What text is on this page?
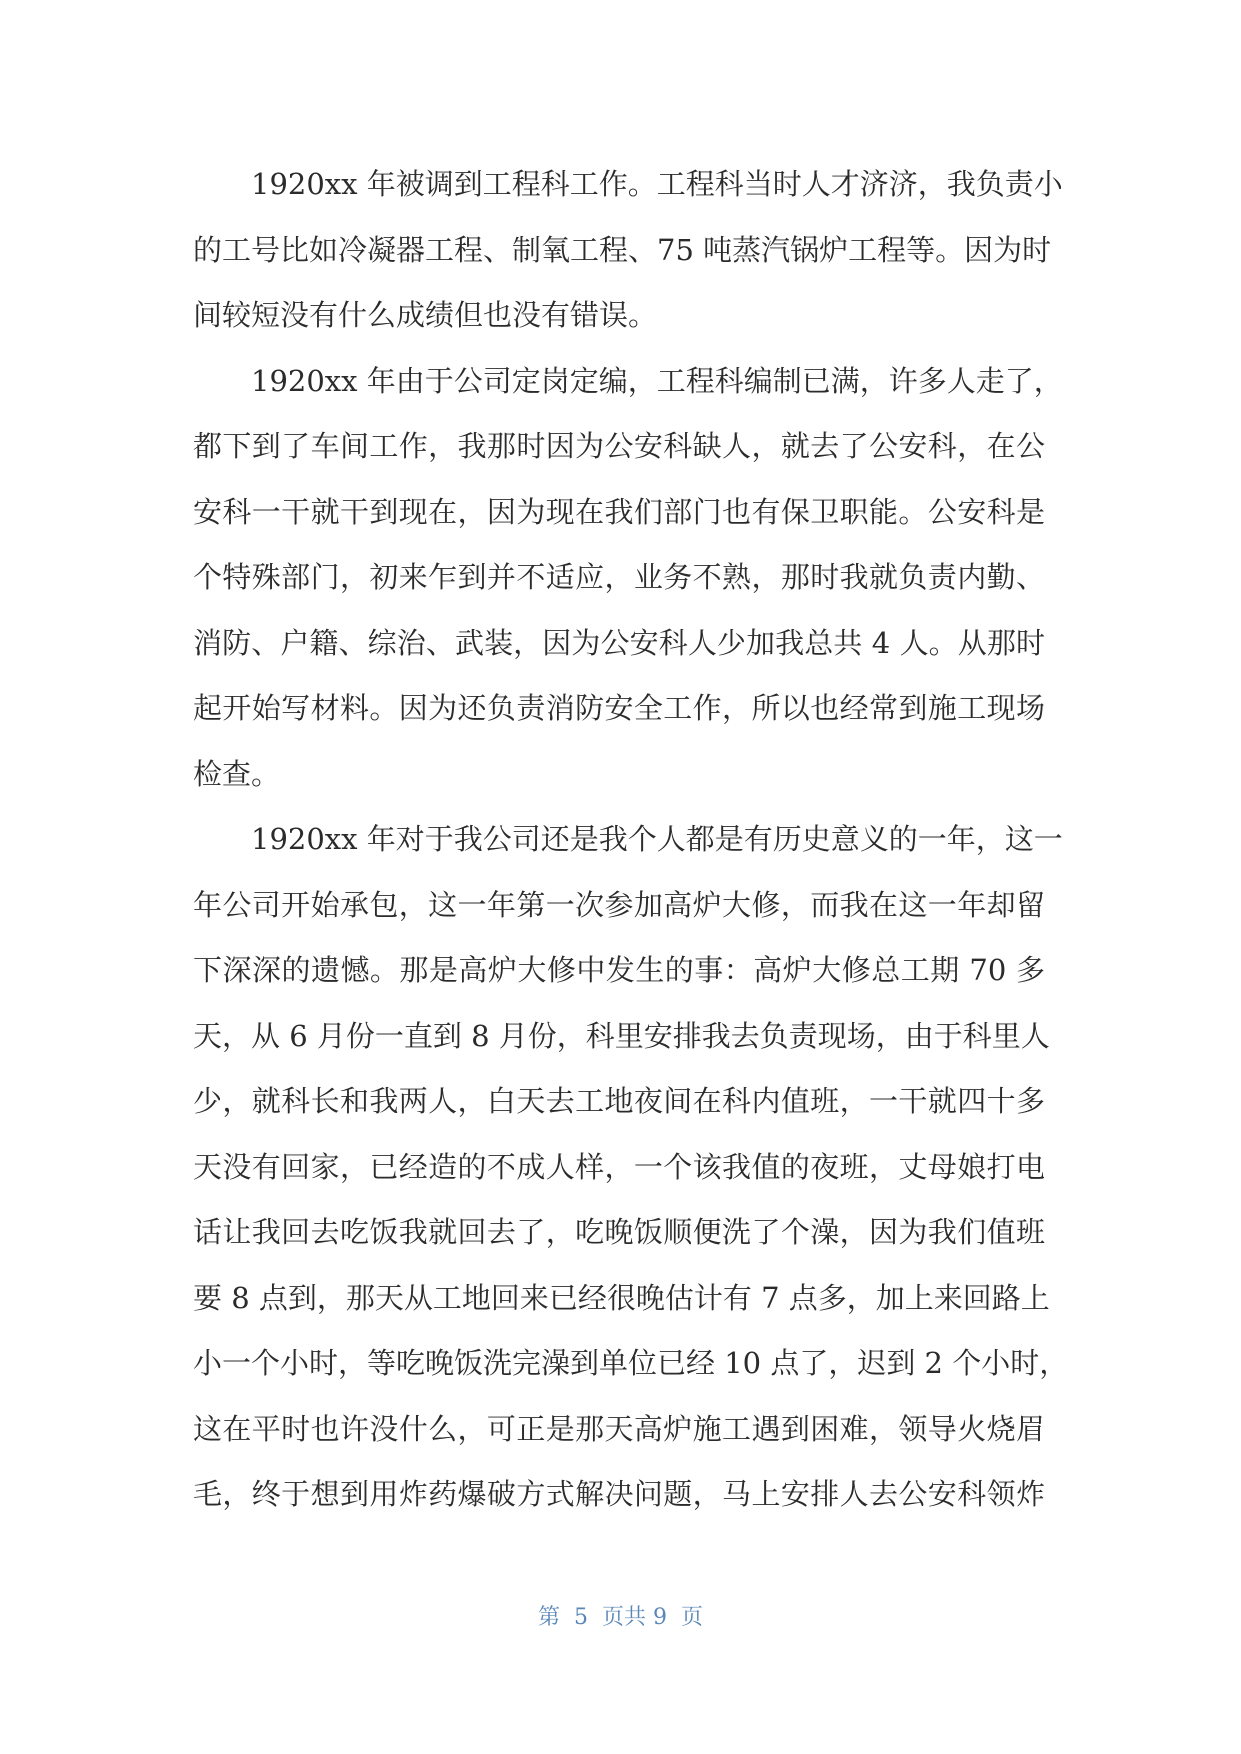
1920xx 年被调到工程科工作。工程科当时人才济济，我负责小
的工号比如冷凝器工程、制氧工程、75 吨蒸汽锅炉工程等。因为时
间较短没有什么成绩但也没有错误。
1920xx 年由于公司定岗定编，工程科编制已满，许多人走了，
都下到了车间工作，我那时因为公安科缺人，就去了公安科，在公
安科一干就干到现在，因为现在我们部门也有保卫职能。公安科是
个特殊部门，初来乍到并不适应，业务不熟，那时我就负责内勤、
消防、户籍、综治、武装，因为公安科人少加我总共 4 人。从那时
起开始写材料。因为还负责消防安全工作，所以也经常到施工现场
检查。
1920xx 年对于我公司还是我个人都是有历史意义的一年，这一
年公司开始承包，这一年第一次参加高炉大修，而我在这一年却留
下深深的遗憾。那是高炉大修中发生的事：高炉大修总工期 70 多
天，从 6 月份一直到 8 月份，科里安排我去负责现场，由于科里人
少，就科长和我两人，白天去工地夜间在科内值班，一干就四十多
天没有回家，已经造的不成人样，一个该我值的夜班，丈母娘打电
话让我回去吃饭我就回去了，吃晚饭顺便洗了个澡，因为我们值班
要 8 点到，那天从工地回来已经很晚估计有 7 点多，加上来回路上
小一个小时，等吃晚饭洗完澡到单位已经 10 点了，迟到 2 个小时，
这在平时也许没什么，可正是那天高炉施工遇到困难，领导火烧眉
毛，终于想到用炸药爆破方式解决问题，马上安排人去公安科领炸
第  5  页共 9  页
